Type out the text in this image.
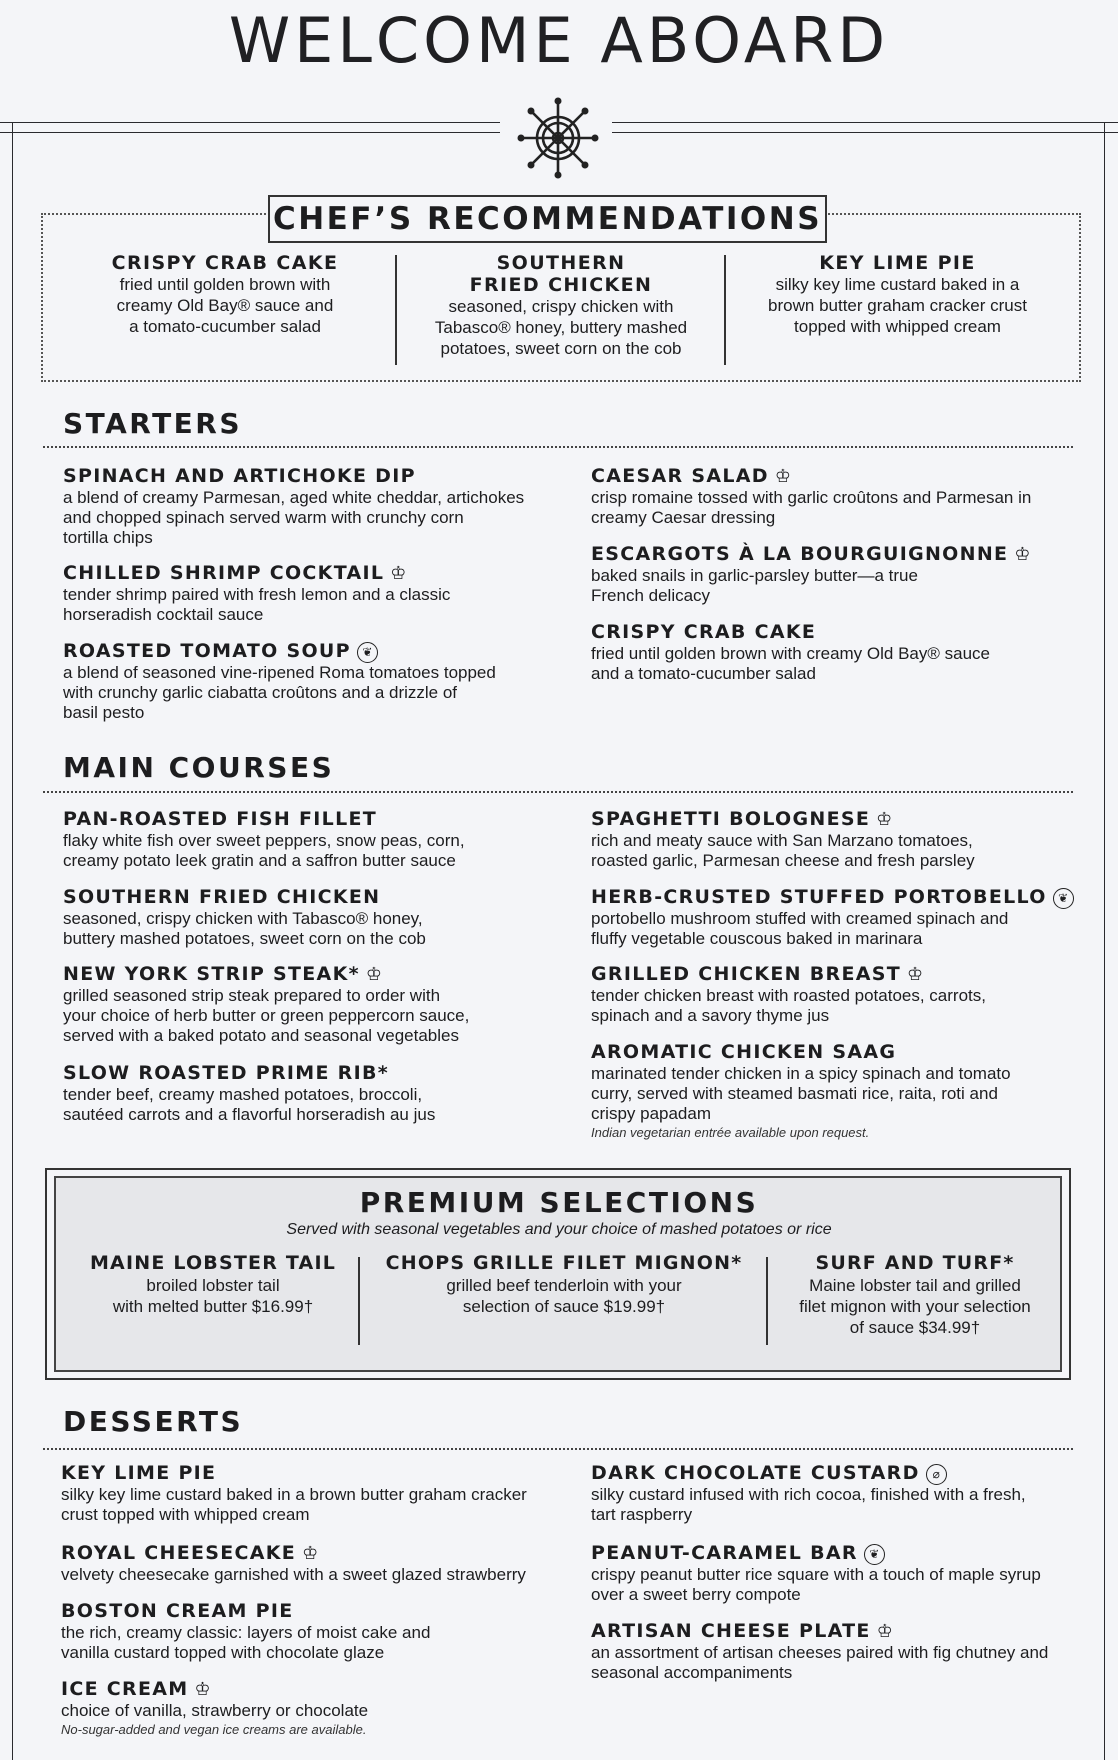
WELCOME ABOARD
CHEF’S RECOMMENDATIONS
CRISPY CRAB CAKE
fried until golden brown with
creamy Old Bay® sauce and
a tomato-cucumber salad
SOUTHERN
FRIED CHICKEN
seasoned, crispy chicken with
Tabasco® honey, buttery mashed
potatoes, sweet corn on the cob
KEY LIME PIE
silky key lime custard baked in a
brown butter graham cracker crust
topped with whipped cream
STARTERS
SPINACH AND ARTICHOKE DIP
a blend of creamy Parmesan, aged white cheddar, artichokes
and chopped spinach served warm with crunchy corn
tortilla chips
CHILLED SHRIMP COCKTAIL ♔
tender shrimp paired with fresh lemon and a classic
horseradish cocktail sauce
ROASTED TOMATO SOUP ❦
a blend of seasoned vine-ripened Roma tomatoes topped
with crunchy garlic ciabatta croûtons and a drizzle of
basil pesto
CAESAR SALAD ♔
crisp romaine tossed with garlic croûtons and Parmesan in
creamy Caesar dressing
ESCARGOTS À LA BOURGUIGNONNE ♔
baked snails in garlic-parsley butter—a true
French delicacy
CRISPY CRAB CAKE
fried until golden brown with creamy Old Bay® sauce
and a tomato-cucumber salad
MAIN COURSES
PAN-ROASTED FISH FILLET
flaky white fish over sweet peppers, snow peas, corn,
creamy potato leek gratin and a saffron butter sauce
SOUTHERN FRIED CHICKEN
seasoned, crispy chicken with Tabasco® honey,
buttery mashed potatoes, sweet corn on the cob
NEW YORK STRIP STEAK* ♔
grilled seasoned strip steak prepared to order with
your choice of herb butter or green peppercorn sauce,
served with a baked potato and seasonal vegetables
SLOW ROASTED PRIME RIB*
tender beef, creamy mashed potatoes, broccoli,
sautéed carrots and a flavorful horseradish au jus
SPAGHETTI BOLOGNESE ♔
rich and meaty sauce with San Marzano tomatoes,
roasted garlic, Parmesan cheese and fresh parsley
HERB-CRUSTED STUFFED PORTOBELLO ❦
portobello mushroom stuffed with creamed spinach and
fluffy vegetable couscous baked in marinara
GRILLED CHICKEN BREAST ♔
tender chicken breast with roasted potatoes, carrots,
spinach and a savory thyme jus
AROMATIC CHICKEN SAAG
marinated tender chicken in a spicy spinach and tomato
curry, served with steamed basmati rice, raita, roti and
crispy papadam
Indian vegetarian entrée available upon request.
PREMIUM SELECTIONS
Served with seasonal vegetables and your choice of mashed potatoes or rice
MAINE LOBSTER TAIL
broiled lobster tail
with melted butter $16.99†
CHOPS GRILLE FILET MIGNON*
grilled beef tenderloin with your
selection of sauce $19.99†
SURF AND TURF*
Maine lobster tail and grilled
filet mignon with your selection
of sauce $34.99†
DESSERTS
KEY LIME PIE
silky key lime custard baked in a brown butter graham cracker
crust topped with whipped cream
ROYAL CHEESECAKE ♔
velvety cheesecake garnished with a sweet glazed strawberry
BOSTON CREAM PIE
the rich, creamy classic: layers of moist cake and
vanilla custard topped with chocolate glaze
ICE CREAM ♔
choice of vanilla, strawberry or chocolate
No-sugar-added and vegan ice creams are available.
DARK CHOCOLATE CUSTARD ⌀
silky custard infused with rich cocoa, finished with a fresh,
tart raspberry
PEANUT-CARAMEL BAR ❦
crispy peanut butter rice square with a touch of maple syrup
over a sweet berry compote
ARTISAN CHEESE PLATE ♔
an assortment of artisan cheeses paired with fig chutney and
seasonal accompaniments
